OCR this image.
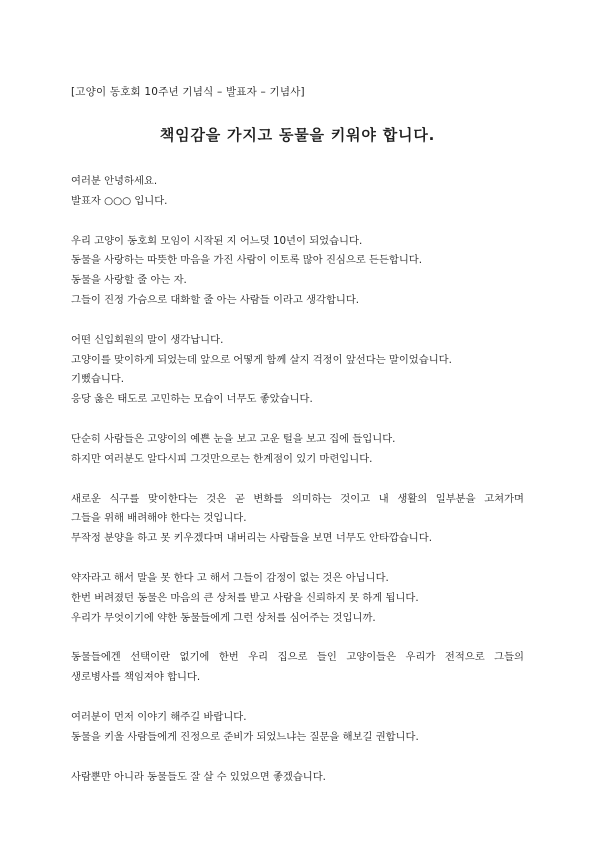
[고양이 동호회 10주년 기념식 – 발표자 – 기념사]
책임감을 가지고 동물을 키워야 합니다.
여러분 안녕하세요.
발표자 ○○○ 입니다.
우리 고양이 동호회 모임이 시작된 지 어느덧 10년이 되었습니다.
동물을 사랑하는 따뜻한 마음을 가진 사람이 이토록 많아 진심으로 든든합니다.
동물을 사랑할 줄 아는 자.
그들이 진정 가슴으로 대화할 줄 아는 사람들 이라고 생각합니다.
어떤 신입회원의 말이 생각납니다.
고양이를 맞이하게 되었는데 앞으로 어떻게 함께 살지 걱정이 앞선다는 말이었습니다.
기뻤습니다.
응당 옳은 태도로 고민하는 모습이 너무도 좋았습니다.
단순히 사람들은 고양이의 예쁜 눈을 보고 고운 털을 보고 집에 들입니다.
하지만 여러분도 알다시피 그것만으로는 한계점이 있기 마련입니다.
새로운 식구를 맞이한다는 것은 곧 변화를 의미하는 것이고 내 생활의 일부분을 고쳐가며
그들을 위해 배려해야 한다는 것입니다.
무작정 분양을 하고 못 키우겠다며 내버리는 사람들을 보면 너무도 안타깝습니다.
약자라고 해서 말을 못 한다 고 해서 그들이 감정이 없는 것은 아닙니다.
한번 버려졌던 동물은 마음의 큰 상처를 받고 사람을 신뢰하지 못 하게 됩니다.
우리가 무엇이기에 약한 동물들에게 그런 상처를 심어주는 것입니까.
동물들에겐 선택이란 없기에 한번 우리 집으로 들인 고양이들은 우리가 전적으로 그들의
생로병사를 책임져야 합니다.
여러분이 먼저 이야기 해주길 바랍니다.
동물을 키울 사람들에게 진정으로 준비가 되었느냐는 질문을 해보길 권합니다.
사람뿐만 아니라 동물들도 잘 살 수 있었으면 좋겠습니다.
